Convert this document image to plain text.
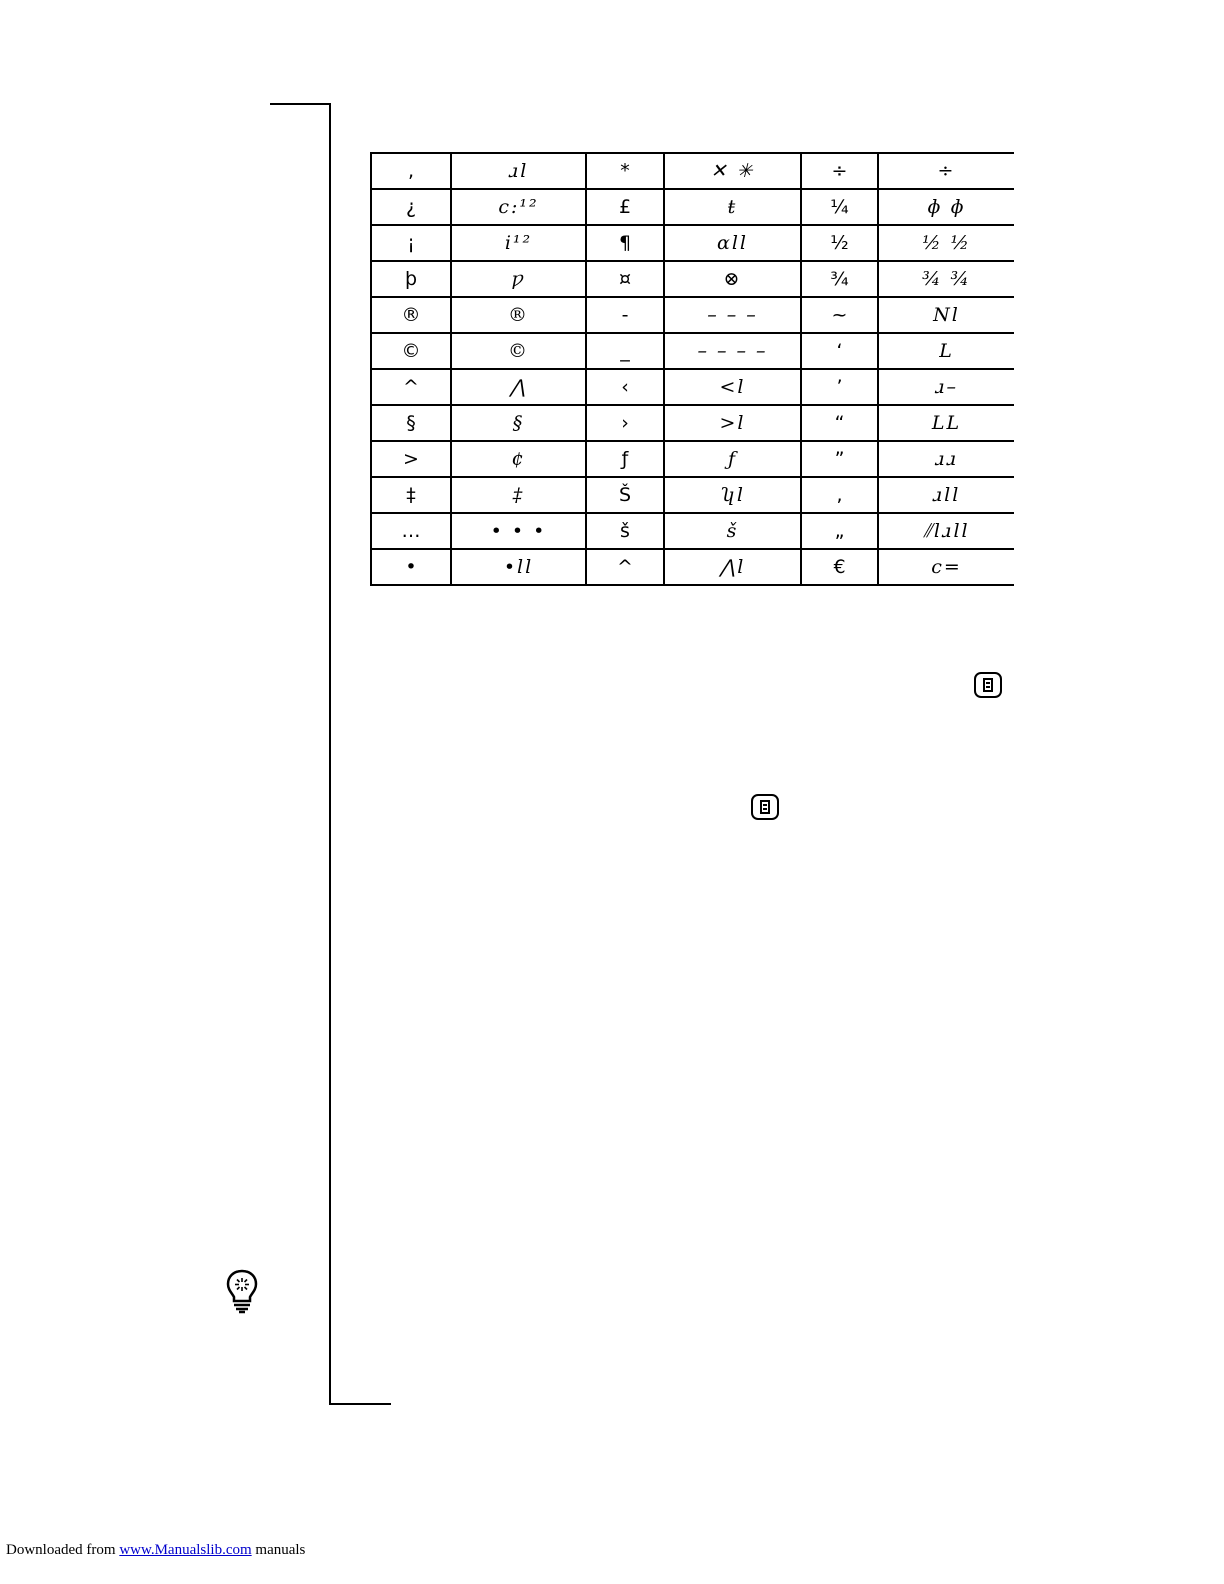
,	ɹl	*	✕ ✳	÷	÷
¿	c:¹²	£	ŧ	¼	ɸ ɸ
¡	i¹²	¶	ɑll	½	½ ½
þ	ƿ	¤	⊗	¾	¾ ¾
®	®	-	– – –	~	Nl
©	©	_	– – – –	‘	L
^	⋀	‹	<l	’	ɹ–
§	§	›	>l	“	LL
>	¢	ƒ	ƒ	”	ɹɹ
‡	‡	Š	ʮl	,	ɹll
…	• • •	š	š	„	⫽lɹll
•	•ll	^	⋀l	€	c=
Downloaded from www.Manualslib.com manuals
